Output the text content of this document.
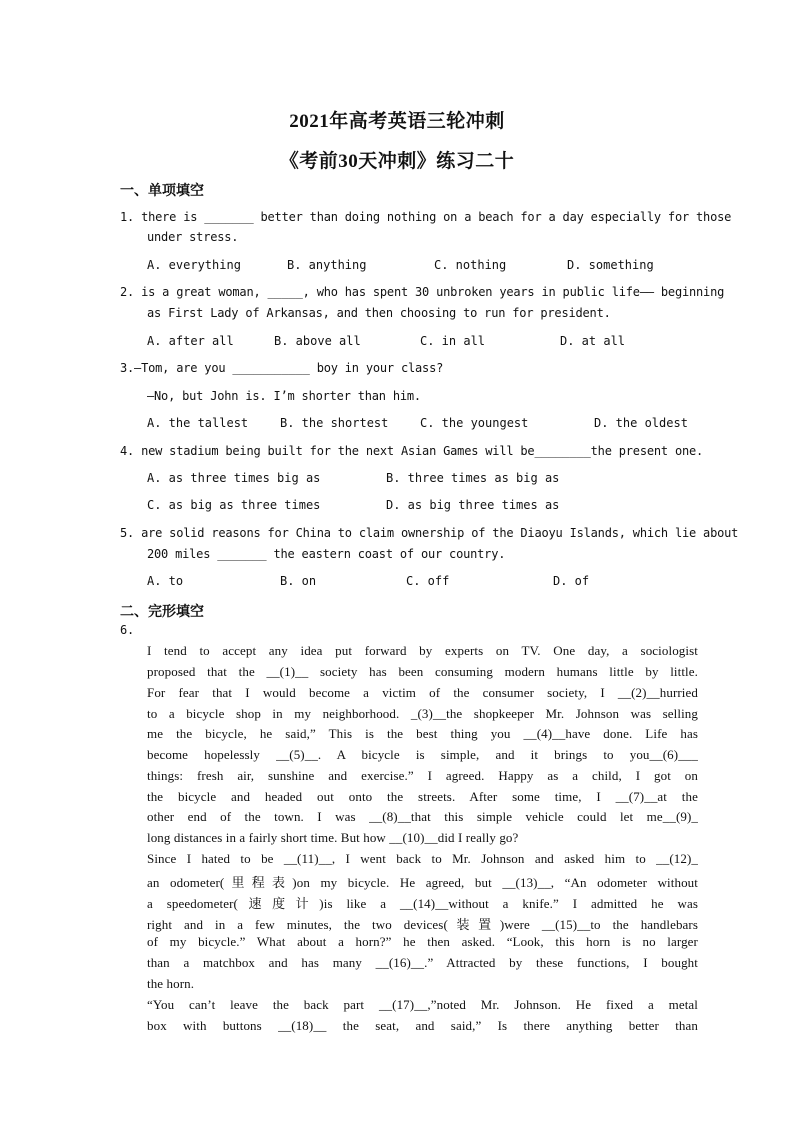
2021年高考英语三轮冲刺
《考前30天冲刺》练习二十
一、单项填空
1. there is _______ better than doing nothing on a beach for a day especially for those
under stress.
A. everything	B. anything	C. nothing	D. something
2. is a great woman, _____, who has spent 30 unbroken years in public life—— beginning
as First Lady of Arkansas, and then choosing to run for president.
A. after all	B. above all	C. in all	D. at all
3.—Tom, are you ___________ boy in your class?
—No, but John is. I’m shorter than him.
A. the tallest	B. the shortest	C. the youngest	D. the oldest
4. new stadium being built for the next Asian Games will be________the present one.
A. as three times big as	B. three times as big as
C. as big as three times	D. as big three times as
5. are solid reasons for China to claim ownership of the Diaoyu Islands, which lie about
200 miles _______ the eastern coast of our country.
A. to	B. on	C. off	D. of
二、完形填空
6.
I tend to accept any idea put forward by experts on TV. One day, a sociologist
proposed that the __(1)__ society has been consuming modern humans little by little.
For fear that I would become a victim of the consumer society, I __(2)__hurried
to a bicycle shop in my neighborhood. _(3)__the shopkeeper Mr. Johnson was selling
me the bicycle, he said,” This is the best thing you __(4)__have done. Life has
become hopelessly __(5)__. A bicycle is simple, and it brings to you__(6)___
things: fresh air, sunshine and exercise.” I agreed. Happy as a child, I got on
the bicycle and headed out onto the streets. After some time, I __(7)__at the
other end of the town. I was __(8)__that this simple vehicle could let me__(9)_
long distances in a fairly short time. But how __(10)__did I really go?
Since I hated to be __(11)__, I went back to Mr. Johnson and asked him to __(12)_
an odometer(里程表)on my bicycle. He agreed, but __(13)__, “An odometer without
a speedometer(速度计)is like a __(14)__without a knife.” I admitted he was
right and in a few minutes, the two devices(装置)were __(15)__to the handlebars
of my bicycle.” What about a horn?” he then asked. “Look, this horn is no larger
than a matchbox and has many __(16)__.” Attracted by these functions, I bought
the horn.
“You can’t leave the back part __(17)__,”noted Mr. Johnson. He fixed a metal
box with buttons __(18)__ the seat, and said,” Is there anything better than
